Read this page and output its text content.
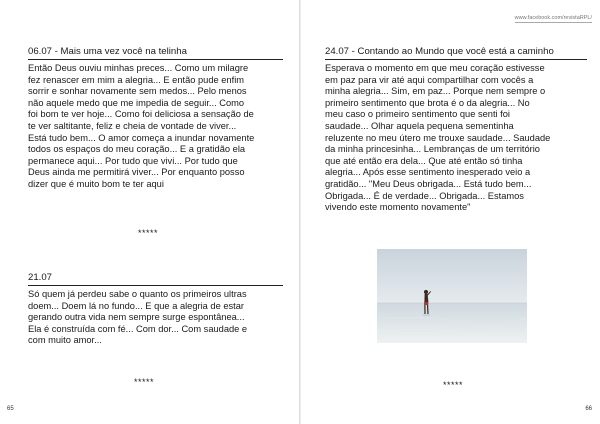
06.07 - Mais uma vez você na telinha

Então Deus ouviu minhas preces... Como um milagre
fez renascer em mim a alegria... E então pude enfim
sorrir e sonhar novamente sem medos... Pelo menos
não aquele medo que me impedia de seguir... Como
foi bom te ver hoje... Como foi deliciosa a sensação de
te ver saltitante, feliz e cheia de vontade de viver...
Está tudo bem... O amor começa a inundar novamente
todos os espaços do meu coração... E a gratidão ela
permanece aqui... Por tudo que vivi... Por tudo que
Deus ainda me permitirá viver... Por enquanto posso
dizer que é muito bom te ter aqui

*****
21.07

Só quem já perdeu sabe o quanto os primeiros ultras
doem... Doem lá no fundo... E que a alegria de estar
gerando outra vida nem sempre surge espontânea...
Ela é construída com fé... Com dor... Com saudade e
com muito amor...

*****
65
www.facebook.com/revistaRPL/
24.07 - Contando ao Mundo que você está a caminho

Esperava o momento em que meu coração estivesse
em paz para vir até aqui compartilhar com vocês a
minha alegria... Sim, em paz... Porque nem sempre o
primeiro sentimento que brota é o da alegria... No
meu caso o primeiro sentimento que senti foi
saudade... Olhar aquela pequena sementinha
reluzente no meu útero me trouxe saudade... Saudade
da minha princesinha... Lembranças de um território
que até então era dela... Que até então só tinha
alegria... Após esse sentimento inesperado veio a
gratidão... "Meu Deus obrigada... Está tudo bem...
Obrigada... É de verdade... Obrigada... Estamos
vivendo este momento novamente"

*****
66
